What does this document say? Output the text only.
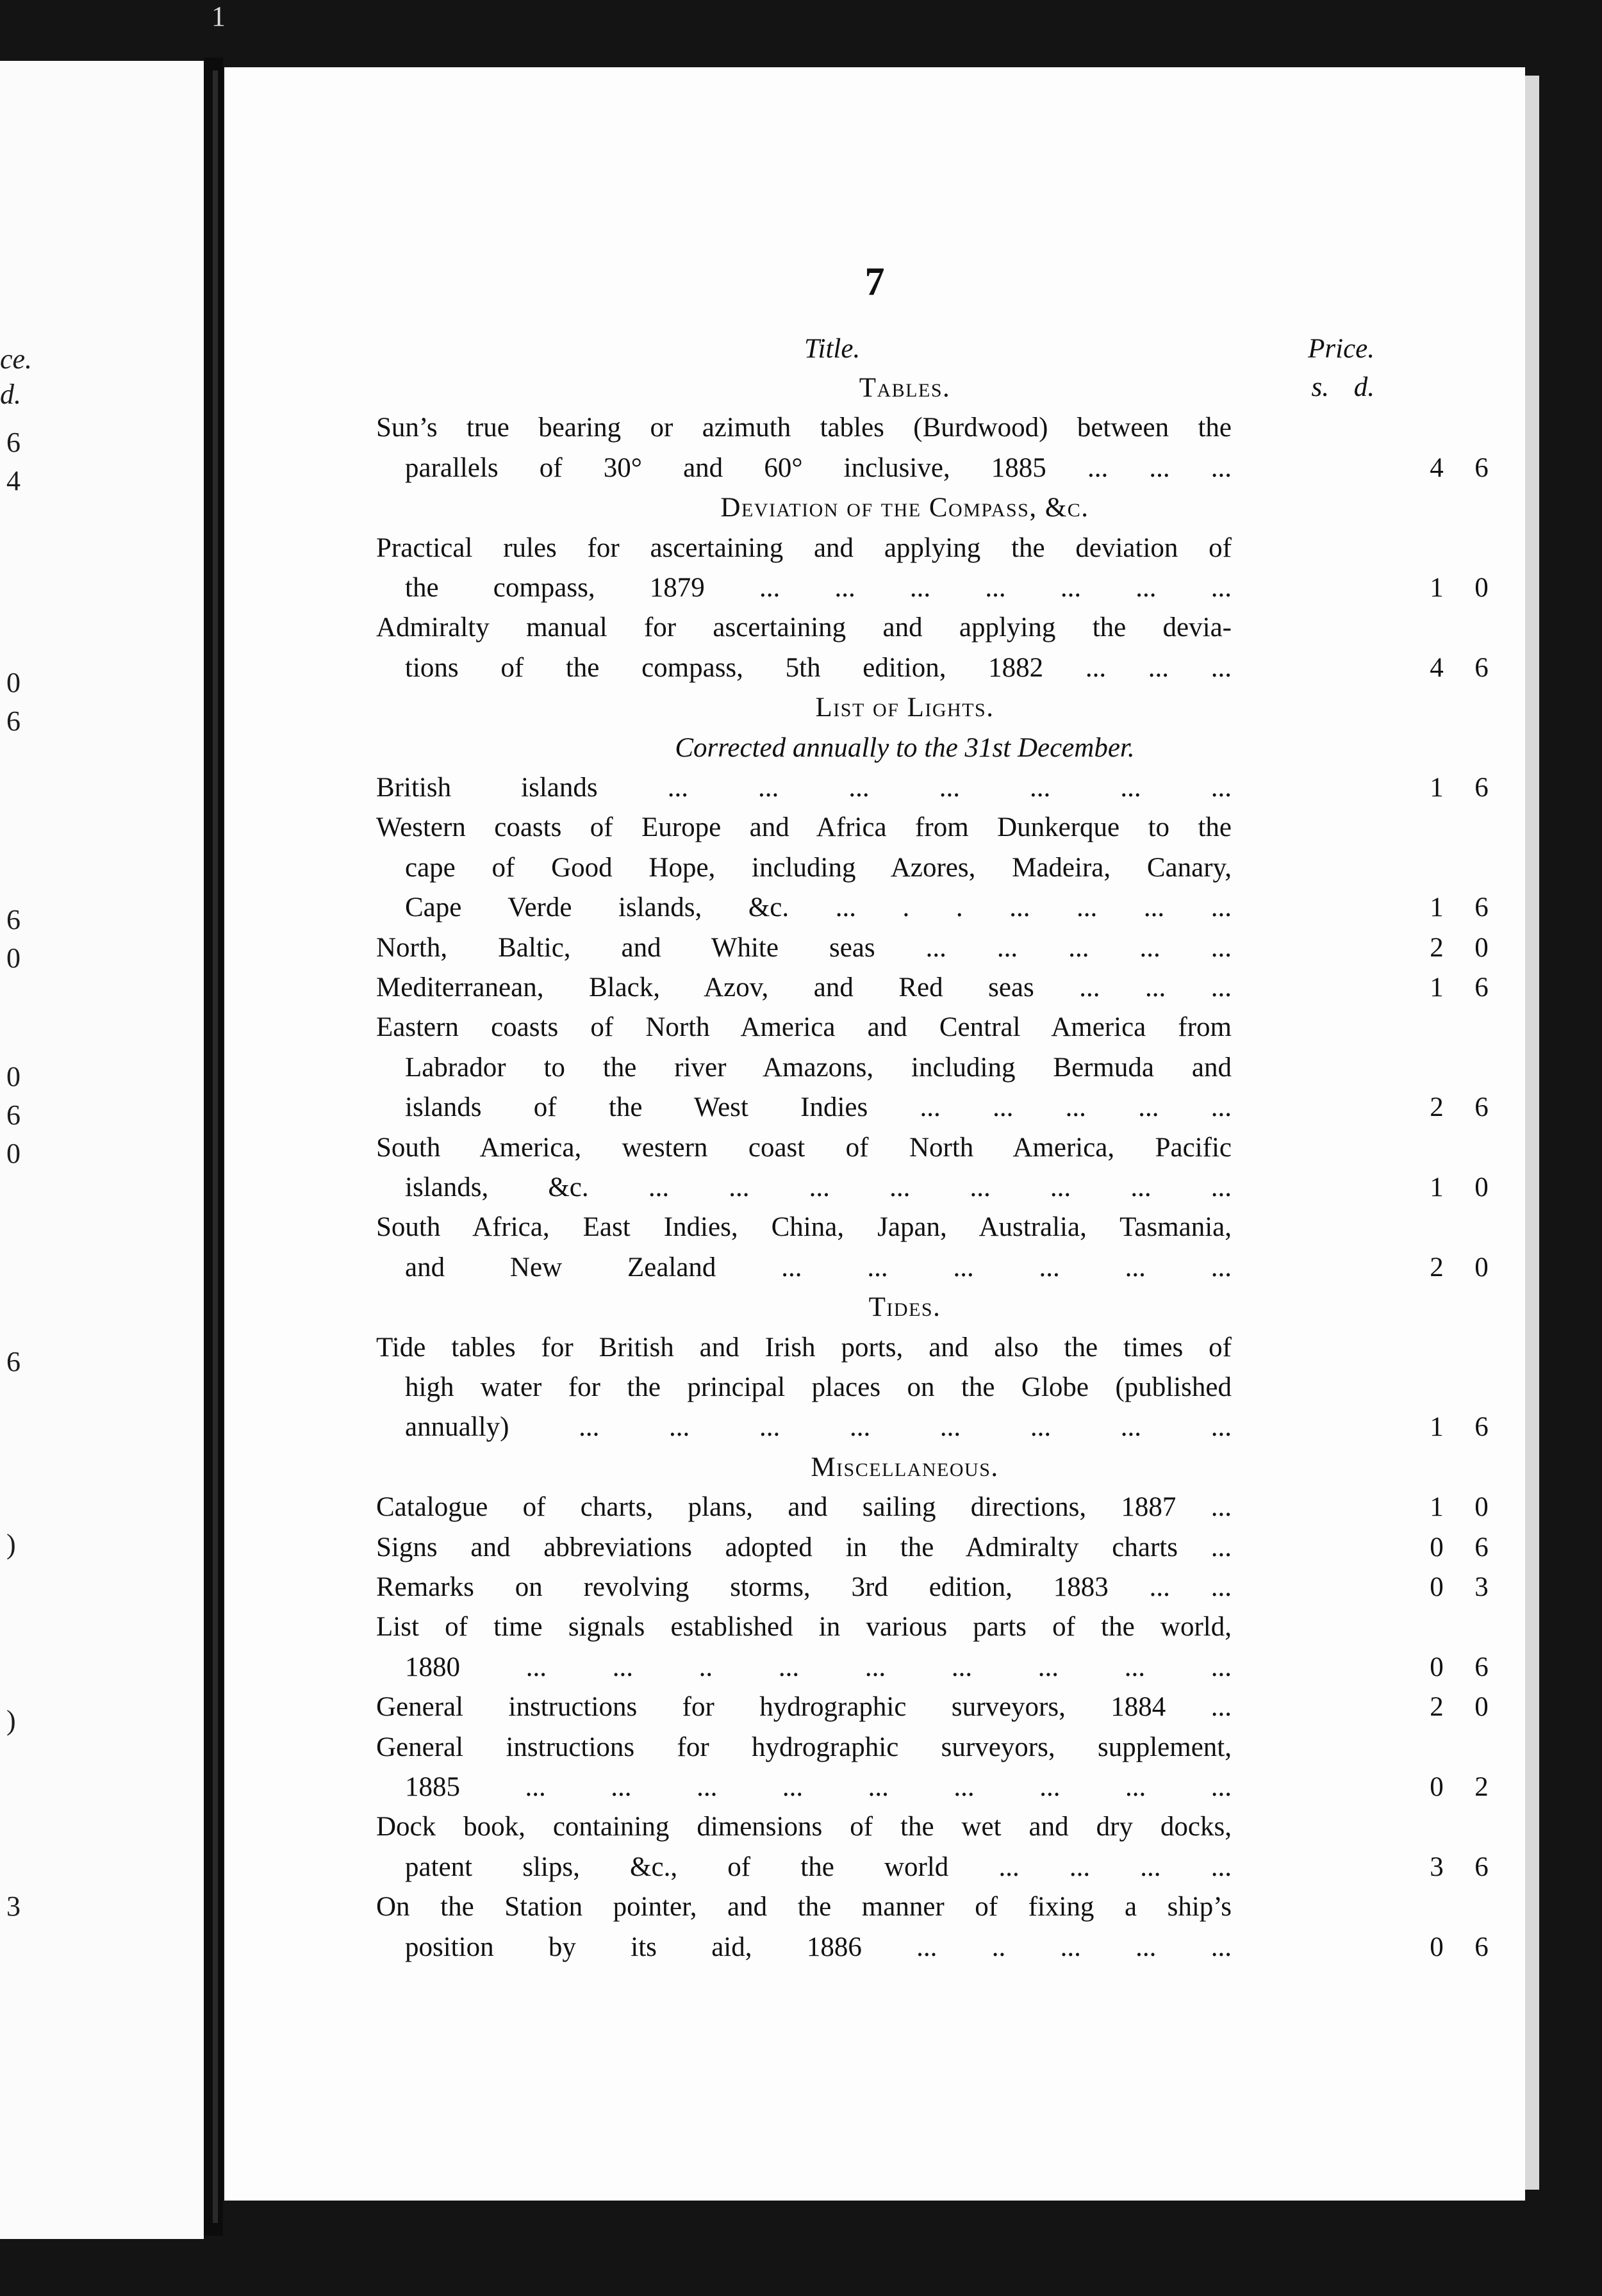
ce.
d.
6
4
0
6
6
0
0
6
0
6
)
)
3
1
7
Title.	Price.
s. d.
Tables.
Sun’s true bearing or azimuth tables (Burdwood) between the
parallels of 30° and 60° inclusive, 1885 ... ... ...	4 6
Deviation of the Compass, &c.
Practical rules for ascertaining and applying the deviation of
the compass, 1879 ... ... ... ... ... ... ...	1 0
Admiralty manual for ascertaining and applying the devia-
tions of the compass, 5th edition, 1882 ... ... ...	4 6
List of Lights.
Corrected annually to the 31st December.
British islands ... ... ... ... ... ... ...	1 6
Western coasts of Europe and Africa from Dunkerque to the
cape of Good Hope, including Azores, Madeira, Canary,
Cape Verde islands, &c. ... . . ... ... ... ...	1 6
North, Baltic, and White seas ... ... ... ... ...	2 0
Mediterranean, Black, Azov, and Red seas ... ... ...	1 6
Eastern coasts of North America and Central America from
Labrador to the river Amazons, including Bermuda and
islands of the West Indies ... ... ... ... ...	2 6
South America, western coast of North America, Pacific
islands, &c. ... ... ... ... ... ... ... ...	1 0
South Africa, East Indies, China, Japan, Australia, Tasmania,
and New Zealand ... ... ... ... ... ...	2 0
Tides.
Tide tables for British and Irish ports, and also the times of
high water for the principal places on the Globe (published
annually) ... ... ... ... ... ... ... ...	1 6
Miscellaneous.
Catalogue of charts, plans, and sailing directions, 1887 ...	1 0
Signs and abbreviations adopted in the Admiralty charts ...	0 6
Remarks on revolving storms, 3rd edition, 1883 ... ...	0 3
List of time signals established in various parts of the world,
1880 ... ... .. ... ... ... ... ... ...	0 6
General instructions for hydrographic surveyors, 1884 ...	2 0
General instructions for hydrographic surveyors, supplement,
1885 ... ... ... ... ... ... ... ... ...	0 2
Dock book, containing dimensions of the wet and dry docks,
patent slips, &c., of the world ... ... ... ...	3 6
On the Station pointer, and the manner of fixing a ship’s
position by its aid, 1886 ... .. ... ... ...	0 6
